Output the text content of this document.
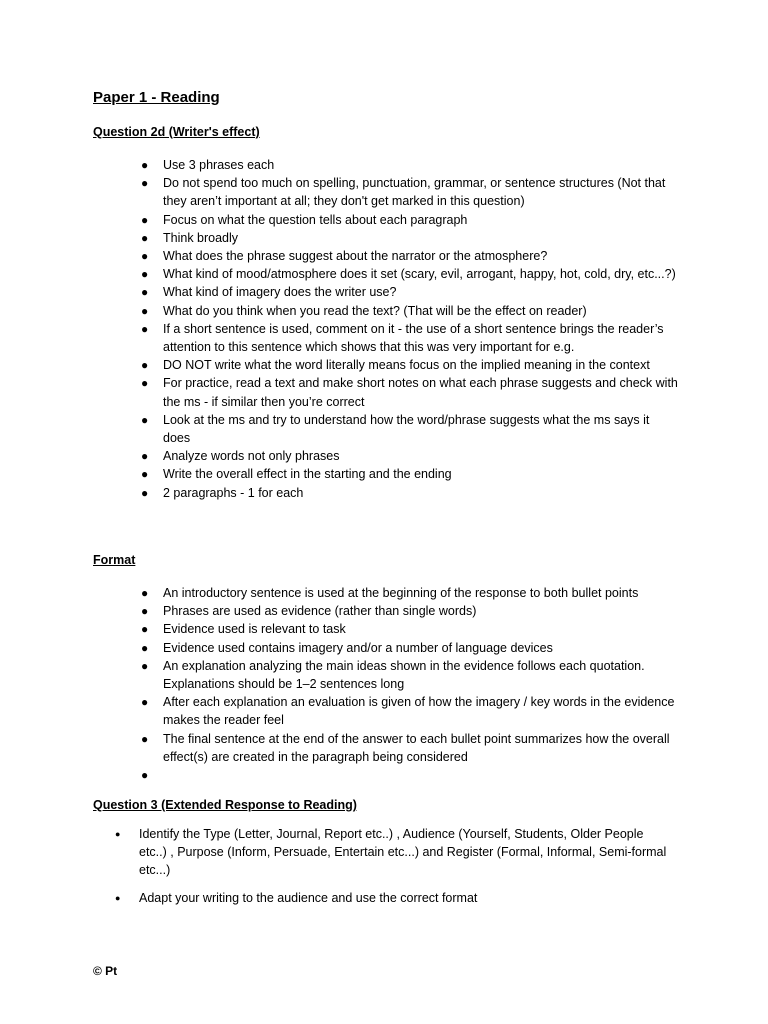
Paper 1 - Reading
Question 2d (Writer's effect)
● Use 3 phrases each
● Do not spend too much on spelling, punctuation, grammar, or sentence structures (Not that they aren’t important at all; they don't get marked in this question)
● Focus on what the question tells about each paragraph
● Think broadly
● What does the phrase suggest about the narrator or the atmosphere?
● What kind of mood/atmosphere does it set (scary, evil, arrogant, happy, hot, cold, dry, etc...?)
● What kind of imagery does the writer use?
● What do you think when you read the text? (That will be the effect on reader)
● If a short sentence is used, comment on it - the use of a short sentence brings the reader’s attention to this sentence which shows that this was very important for e.g.
● DO NOT write what the word literally means focus on the implied meaning in the context
● For practice, read a text and make short notes on what each phrase suggests and check with the ms - if similar then you’re correct
● Look at the ms and try to understand how the word/phrase suggests what the ms says it does
● Analyze words not only phrases
● Write the overall effect in the starting and the ending
● 2 paragraphs - 1 for each
Format
● An introductory sentence is used at the beginning of the response to both bullet points
● Phrases are used as evidence (rather than single words)
● Evidence used is relevant to task
● Evidence used contains imagery and/or a number of language devices
● An explanation analyzing the main ideas shown in the evidence follows each quotation. Explanations should be 1–2 sentences long
● After each explanation an evaluation is given of how the imagery / key words in the evidence makes the reader feel
● The final sentence at the end of the answer to each bullet point summarizes how the overall effect(s) are created in the paragraph being considered
●
Question 3 (Extended Response to Reading)
● Identify the Type (Letter, Journal, Report etc..) , Audience (Yourself, Students, Older People etc..) , Purpose (Inform, Persuade, Entertain etc...) and Register (Formal, Informal, Semi-formal etc...)
● Adapt your writing to the audience and use the correct format
© Pt
